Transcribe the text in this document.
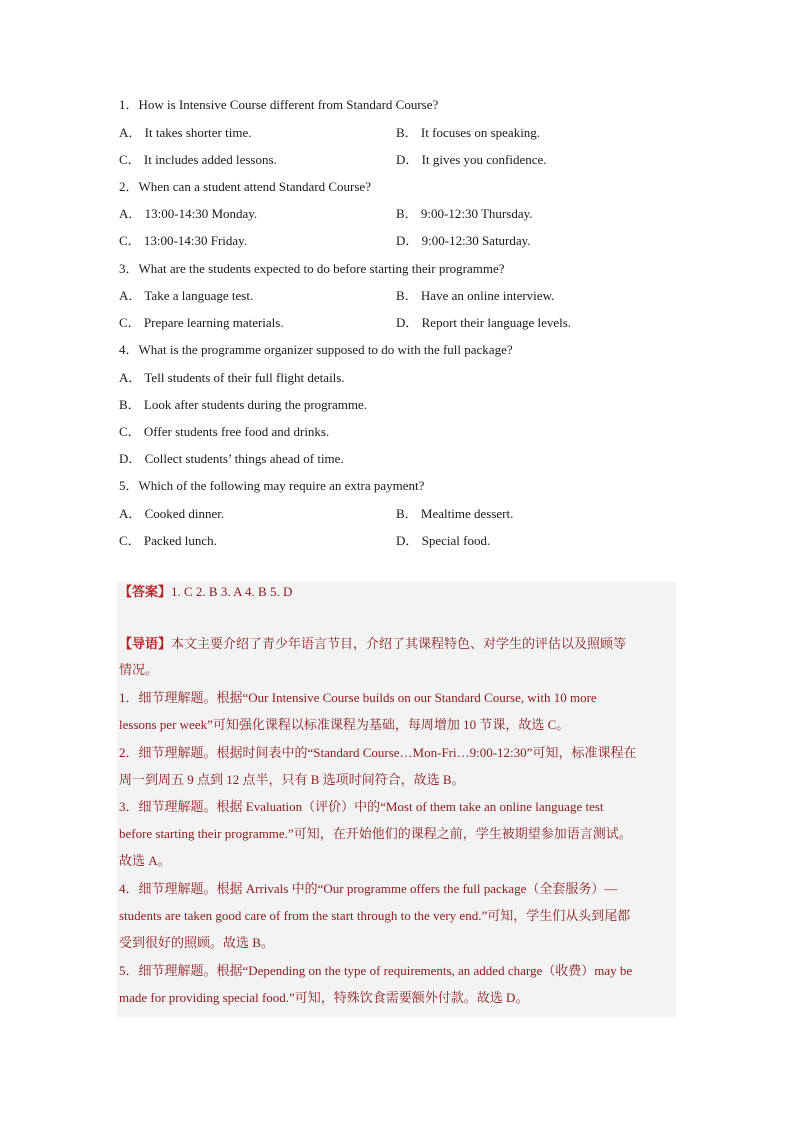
1．How is Intensive Course different from Standard Course?
A． It takes shorter time.	B． It focuses on speaking.
C． It includes added lessons.	D． It gives you confidence.
2．When can a student attend Standard Course?
A． 13:00-14:30 Monday.	B． 9:00-12:30 Thursday.
C． 13:00-14:30 Friday.	D． 9:00-12:30 Saturday.
3．What are the students expected to do before starting their programme?
A． Take a language test.	B． Have an online interview.
C． Prepare learning materials.	D． Report their language levels.
4．What is the programme organizer supposed to do with the full package?
A． Tell students of their full flight details.
B． Look after students during the programme.
C． Offer students free food and drinks.
D． Collect students’ things ahead of time.
5．Which of the following may require an extra payment?
A． Cooked dinner.	B． Mealtime dessert.
C． Packed lunch.	D． Special food.
【答案】1. C 2. B 3. A 4. B 5. D
【导语】本文主要介绍了青少年语言节目，介绍了其课程特色、对学生的评估以及照顾等
情况。
1．细节理解题。根据“Our Intensive Course builds on our Standard Course, with 10 more
lessons per week”可知强化课程以标准课程为基础，每周增加 10 节课，故选 C。
2．细节理解题。根据时间表中的“Standard Course…Mon-Fri…9:00-12:30”可知，标准课程在
周一到周五 9 点到 12 点半，只有 B 选项时间符合，故选 B。
3．细节理解题。根据 Evaluation（评价）中的“Most of them take an online language test
before starting their programme.”可知，在开始他们的课程之前，学生被期望参加语言测试。
故选 A。
4．细节理解题。根据 Arrivals 中的“Our programme offers the full package（全套服务）—
students are taken good care of from the start through to the very end.”可知，学生们从头到尾都
受到很好的照顾。故选 B。
5．细节理解题。根据“Depending on the type of requirements, an added charge（收费）may be
made for providing special food.”可知，特殊饮食需要额外付款。故选 D。
